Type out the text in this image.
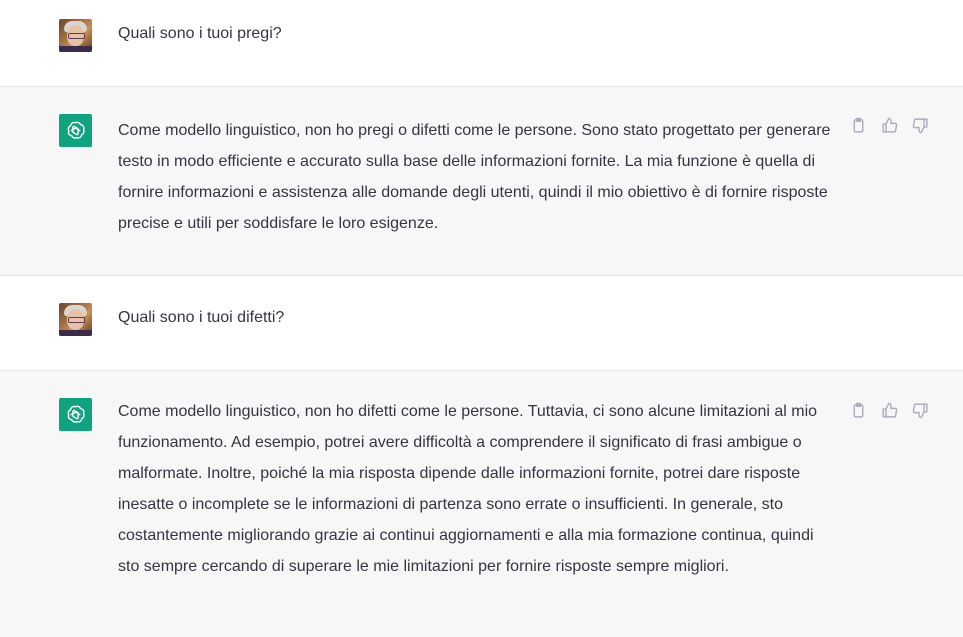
Quali sono i tuoi pregi?

Come modello linguistico, non ho pregi o difetti come le persone. Sono stato progettato per generare testo in modo efficiente e accurato sulla base delle informazioni fornite. La mia funzione è quella di fornire informazioni e assistenza alle domande degli utenti, quindi il mio obiettivo è di fornire risposte precise e utili per soddisfare le loro esigenze.

Quali sono i tuoi difetti?

Come modello linguistico, non ho difetti come le persone. Tuttavia, ci sono alcune limitazioni al mio funzionamento. Ad esempio, potrei avere difficoltà a comprendere il significato di frasi ambigue o malformate. Inoltre, poiché la mia risposta dipende dalle informazioni fornite, potrei dare risposte inesatte o incomplete se le informazioni di partenza sono errate o insufficienti. In generale, sto costantemente migliorando grazie ai continui aggiornamenti e alla mia formazione continua, quindi sto sempre cercando di superare le mie limitazioni per fornire risposte sempre migliori.
